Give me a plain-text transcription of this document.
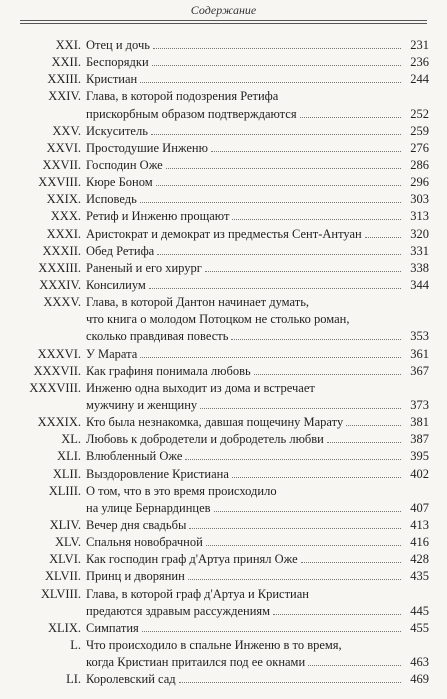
Содержание
XXI. Отец и дочь	231
XXII. Беспорядки	236
XXIII. Кристиан	244
XXIV. Глава, в которой подозрения Ретифа
прискорбным образом подтверждаются	252
XXV. Искуситель	259
XXVI. Простодушие Инженю	276
XXVII. Господин Оже	286
XXVIII. Кюре Боном	296
XXIX. Исповедь	303
XXX. Ретиф и Инженю прощают	313
XXXI. Аристократ и демократ из предместья Сент-Антуан	320
XXXII. Обед Ретифа	331
XXXIII. Раненый и его хирург	338
XXXIV. Консилиум	344
XXXV. Глава, в которой Дантон начинает думать,
что книга о молодом Потоцком не столько роман,
сколько правдивая повесть	353
XXXVI. У Марата	361
XXXVII. Как графиня понимала любовь	367
XXXVIII. Инженю одна выходит из дома и встречает
мужчину и женщину	373
XXXIX. Кто была незнакомка, давшая пощечину Марату	381
XL. Любовь к добродетели и добродетель любви	387
XLI. Влюбленный Оже	395
XLII. Выздоровление Кристиана	402
XLIII. О том, что в это время происходило
на улице Бернардинцев	407
XLIV. Вечер дня свадьбы	413
XLV. Спальня новобрачной	416
XLVI. Как господин граф д'Артуа принял Оже	428
XLVII. Принц и дворянин	435
XLVIII. Глава, в которой граф д'Артуа и Кристиан
предаются здравым рассуждениям	445
XLIX. Симпатия	455
L. Что происходило в спальне Инженю в то время,
когда Кристиан притаился под ее окнами	463
LI. Королевский сад	469
